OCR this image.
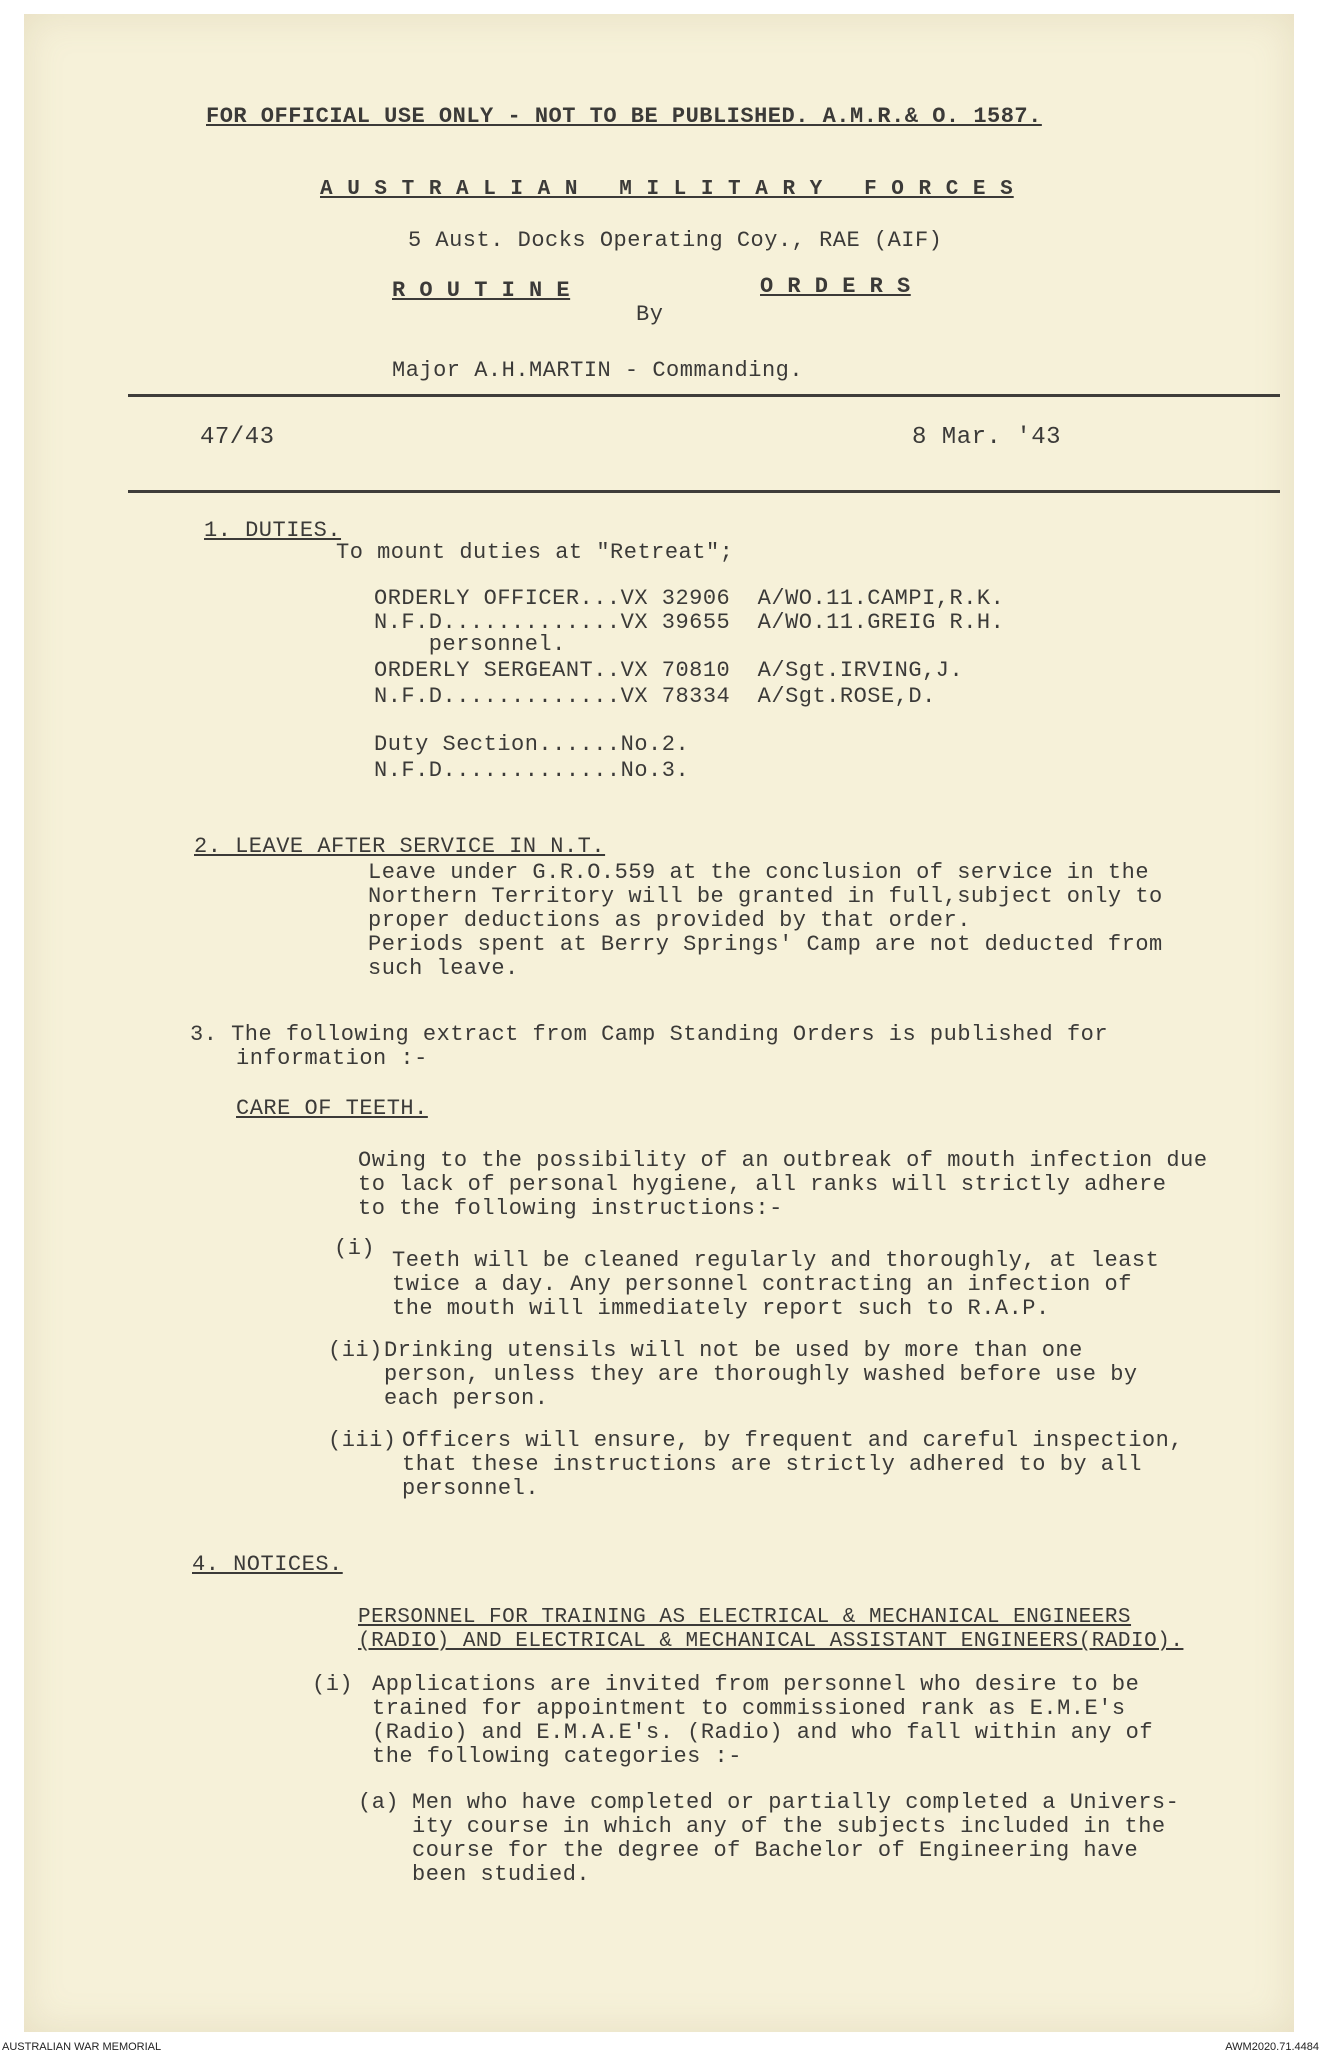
FOR OFFICIAL USE ONLY - NOT TO BE PUBLISHED. A.M.R.& O. 1587.
A U S T R A L I A N   M I L I T A R Y   F O R C E S
5 Aust. Docks Operating Coy., RAE (AIF)
R O U T I N E	O R D E R S
By
Major A.H.MARTIN - Commanding.
47/43	8 Mar. '43
1. DUTIES.
To mount duties at "Retreat";
ORDERLY OFFICER...VX 32906  A/WO.11.CAMPI,R.K.
N.F.D.............VX 39655  A/WO.11.GREIG R.H.
personnel.
ORDERLY SERGEANT..VX 70810  A/Sgt.IRVING,J.
N.F.D.............VX 78334  A/Sgt.ROSE,D.
Duty Section......No.2.
N.F.D.............No.3.
2. LEAVE AFTER SERVICE IN N.T.
Leave under G.R.O.559 at the conclusion of service in the
Northern Territory will be granted in full,subject only to
proper deductions as provided by that order.
Periods spent at Berry Springs' Camp are not deducted from
such leave.
3. The following extract from Camp Standing Orders is published for
information :-
CARE OF TEETH.
Owing to the possibility of an outbreak of mouth infection due
to lack of personal hygiene, all ranks will strictly adhere
to the following instructions:-
(i) Teeth will be cleaned regularly and thoroughly, at least
twice a day. Any personnel contracting an infection of
the mouth will immediately report such to R.A.P.
(ii) Drinking utensils will not be used by more than one
person, unless they are thoroughly washed before use by
each person.
(iii) Officers will ensure, by frequent and careful inspection,
that these instructions are strictly adhered to by all
personnel.
4. NOTICES.
PERSONNEL FOR TRAINING AS ELECTRICAL & MECHANICAL ENGINEERS
(RADIO) AND ELECTRICAL & MECHANICAL ASSISTANT ENGINEERS(RADIO).
(i) Applications are invited from personnel who desire to be
trained for appointment to commissioned rank as E.M.E's
(Radio) and E.M.A.E's. (Radio) and who fall within any of
the following categories :-
(a) Men who have completed or partially completed a Univers-
ity course in which any of the subjects included in the
course for the degree of Bachelor of Engineering have
been studied.
AUSTRALIAN WAR MEMORIAL	AWM2020.71.4484
